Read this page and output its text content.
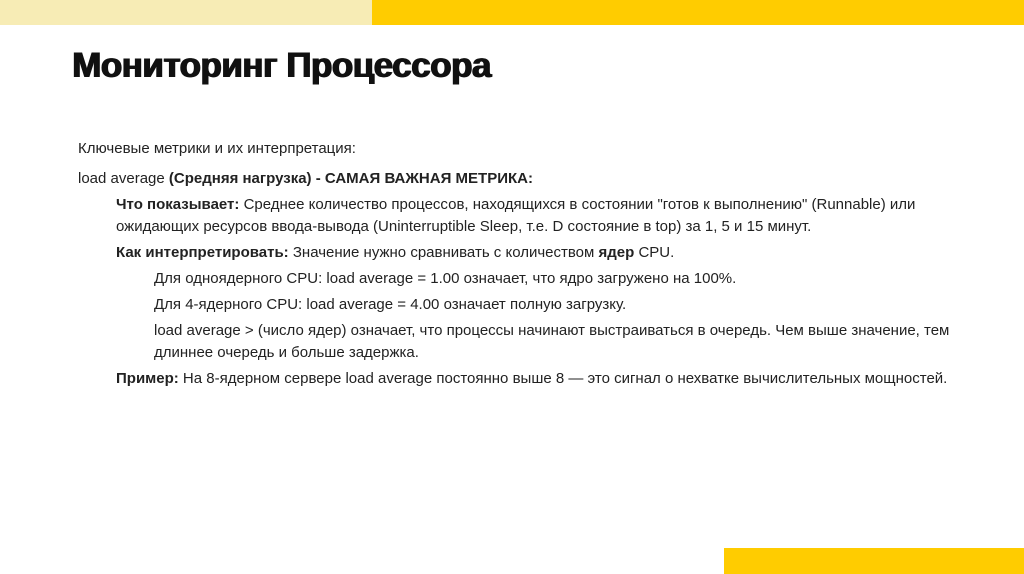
Мониторинг Процессора

Ключевые метрики и их интерпретация:

load average (Средняя нагрузка) - САМАЯ ВАЖНАЯ МЕТРИКА:

Что показывает: Среднее количество процессов, находящихся в состоянии "готов к выполнению" (Runnable) или ожидающих ресурсов ввода-вывода (Uninterruptible Sleep, т.е. D состояние в top) за 1, 5 и 15 минут.

Как интерпретировать: Значение нужно сравнивать с количеством ядер CPU.

Для одноядерного CPU: load average = 1.00 означает, что ядро загружено на 100%.

Для 4-ядерного CPU: load average = 4.00 означает полную загрузку.

load average > (число ядер) означает, что процессы начинают выстраиваться в очередь. Чем выше значение, тем длиннее очередь и больше задержка.

Пример: На 8-ядерном сервере load average постоянно выше 8 — это сигнал о нехватке вычислительных мощностей.
